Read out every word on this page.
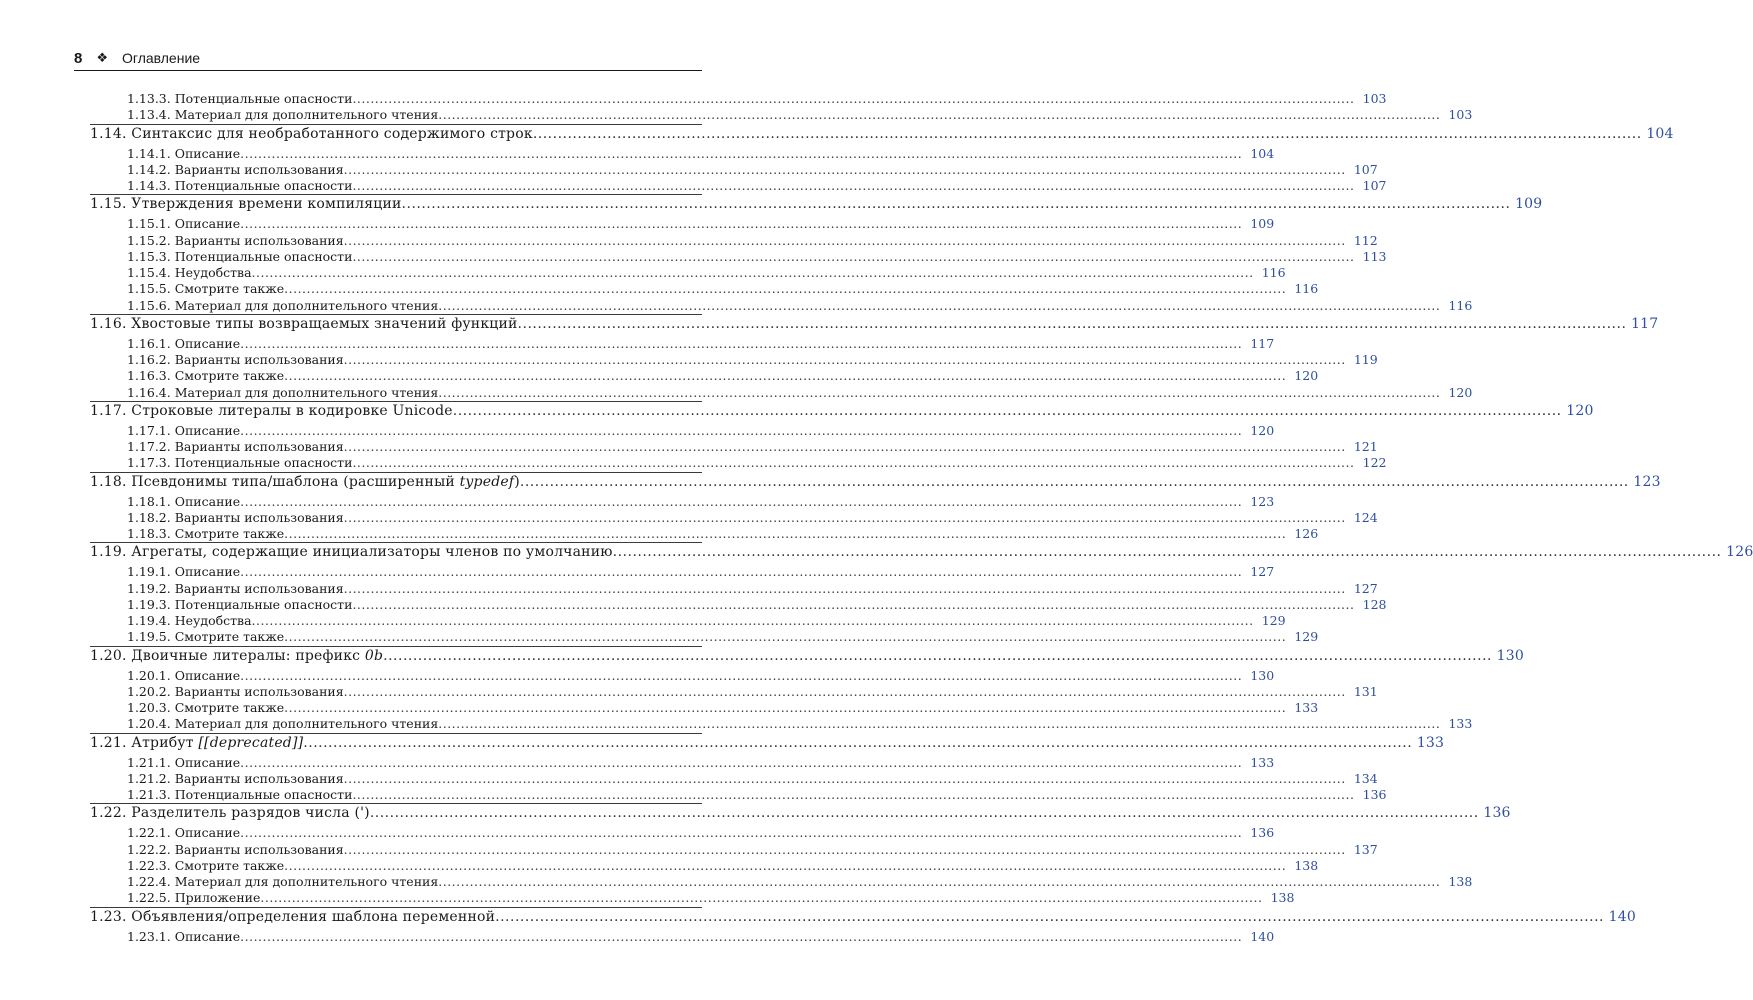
8 ❖ Оглавление
1.13.3. Потенциальные опасности .....	103
1.13.4. Материал для дополнительного чтения .....	103
1.14. Синтаксис для необработанного содержимого строк .....	104
1.14.1. Описание .....	104
1.14.2. Варианты использования .....	107
1.14.3. Потенциальные опасности .....	107
1.15. Утверждения времени компиляции .....	109
1.15.1. Описание .....	109
1.15.2. Варианты использования .....	112
1.15.3. Потенциальные опасности .....	113
1.15.4. Неудобства .....	116
1.15.5. Смотрите также .....	116
1.15.6. Материал для дополнительного чтения .....	116
1.16. Хвостовые типы возвращаемых значений функций .....	117
1.16.1. Описание .....	117
1.16.2. Варианты использования .....	119
1.16.3. Смотрите также .....	120
1.16.4. Материал для дополнительного чтения .....	120
1.17. Строковые литералы в кодировке Unicode .....	120
1.17.1. Описание .....	120
1.17.2. Варианты использования .....	121
1.17.3. Потенциальные опасности .....	122
1.18. Псевдонимы типа/шаблона (расширенный typedef) .....	123
1.18.1. Описание .....	123
1.18.2. Варианты использования .....	124
1.18.3. Смотрите также .....	126
1.19. Агрегаты, содержащие инициализаторы членов по умолчанию .....	126
1.19.1. Описание .....	127
1.19.2. Варианты использования .....	127
1.19.3. Потенциальные опасности .....	128
1.19.4. Неудобства .....	129
1.19.5. Смотрите также .....	129
1.20. Двоичные литералы: префикс 0b .....	130
1.20.1. Описание .....	130
1.20.2. Варианты использования .....	131
1.20.3. Смотрите также .....	133
1.20.4. Материал для дополнительного чтения .....	133
1.21. Атрибут [[deprecated]] .....	133
1.21.1. Описание .....	133
1.21.2. Варианты использования .....	134
1.21.3. Потенциальные опасности .....	136
1.22. Разделитель разрядов числа (') .....	136
1.22.1. Описание .....	136
1.22.2. Варианты использования .....	137
1.22.3. Смотрите также .....	138
1.22.4. Материал для дополнительного чтения .....	138
1.22.5. Приложение .....	138
1.23. Объявления/определения шаблона переменной .....	140
1.23.1. Описание .....	140
